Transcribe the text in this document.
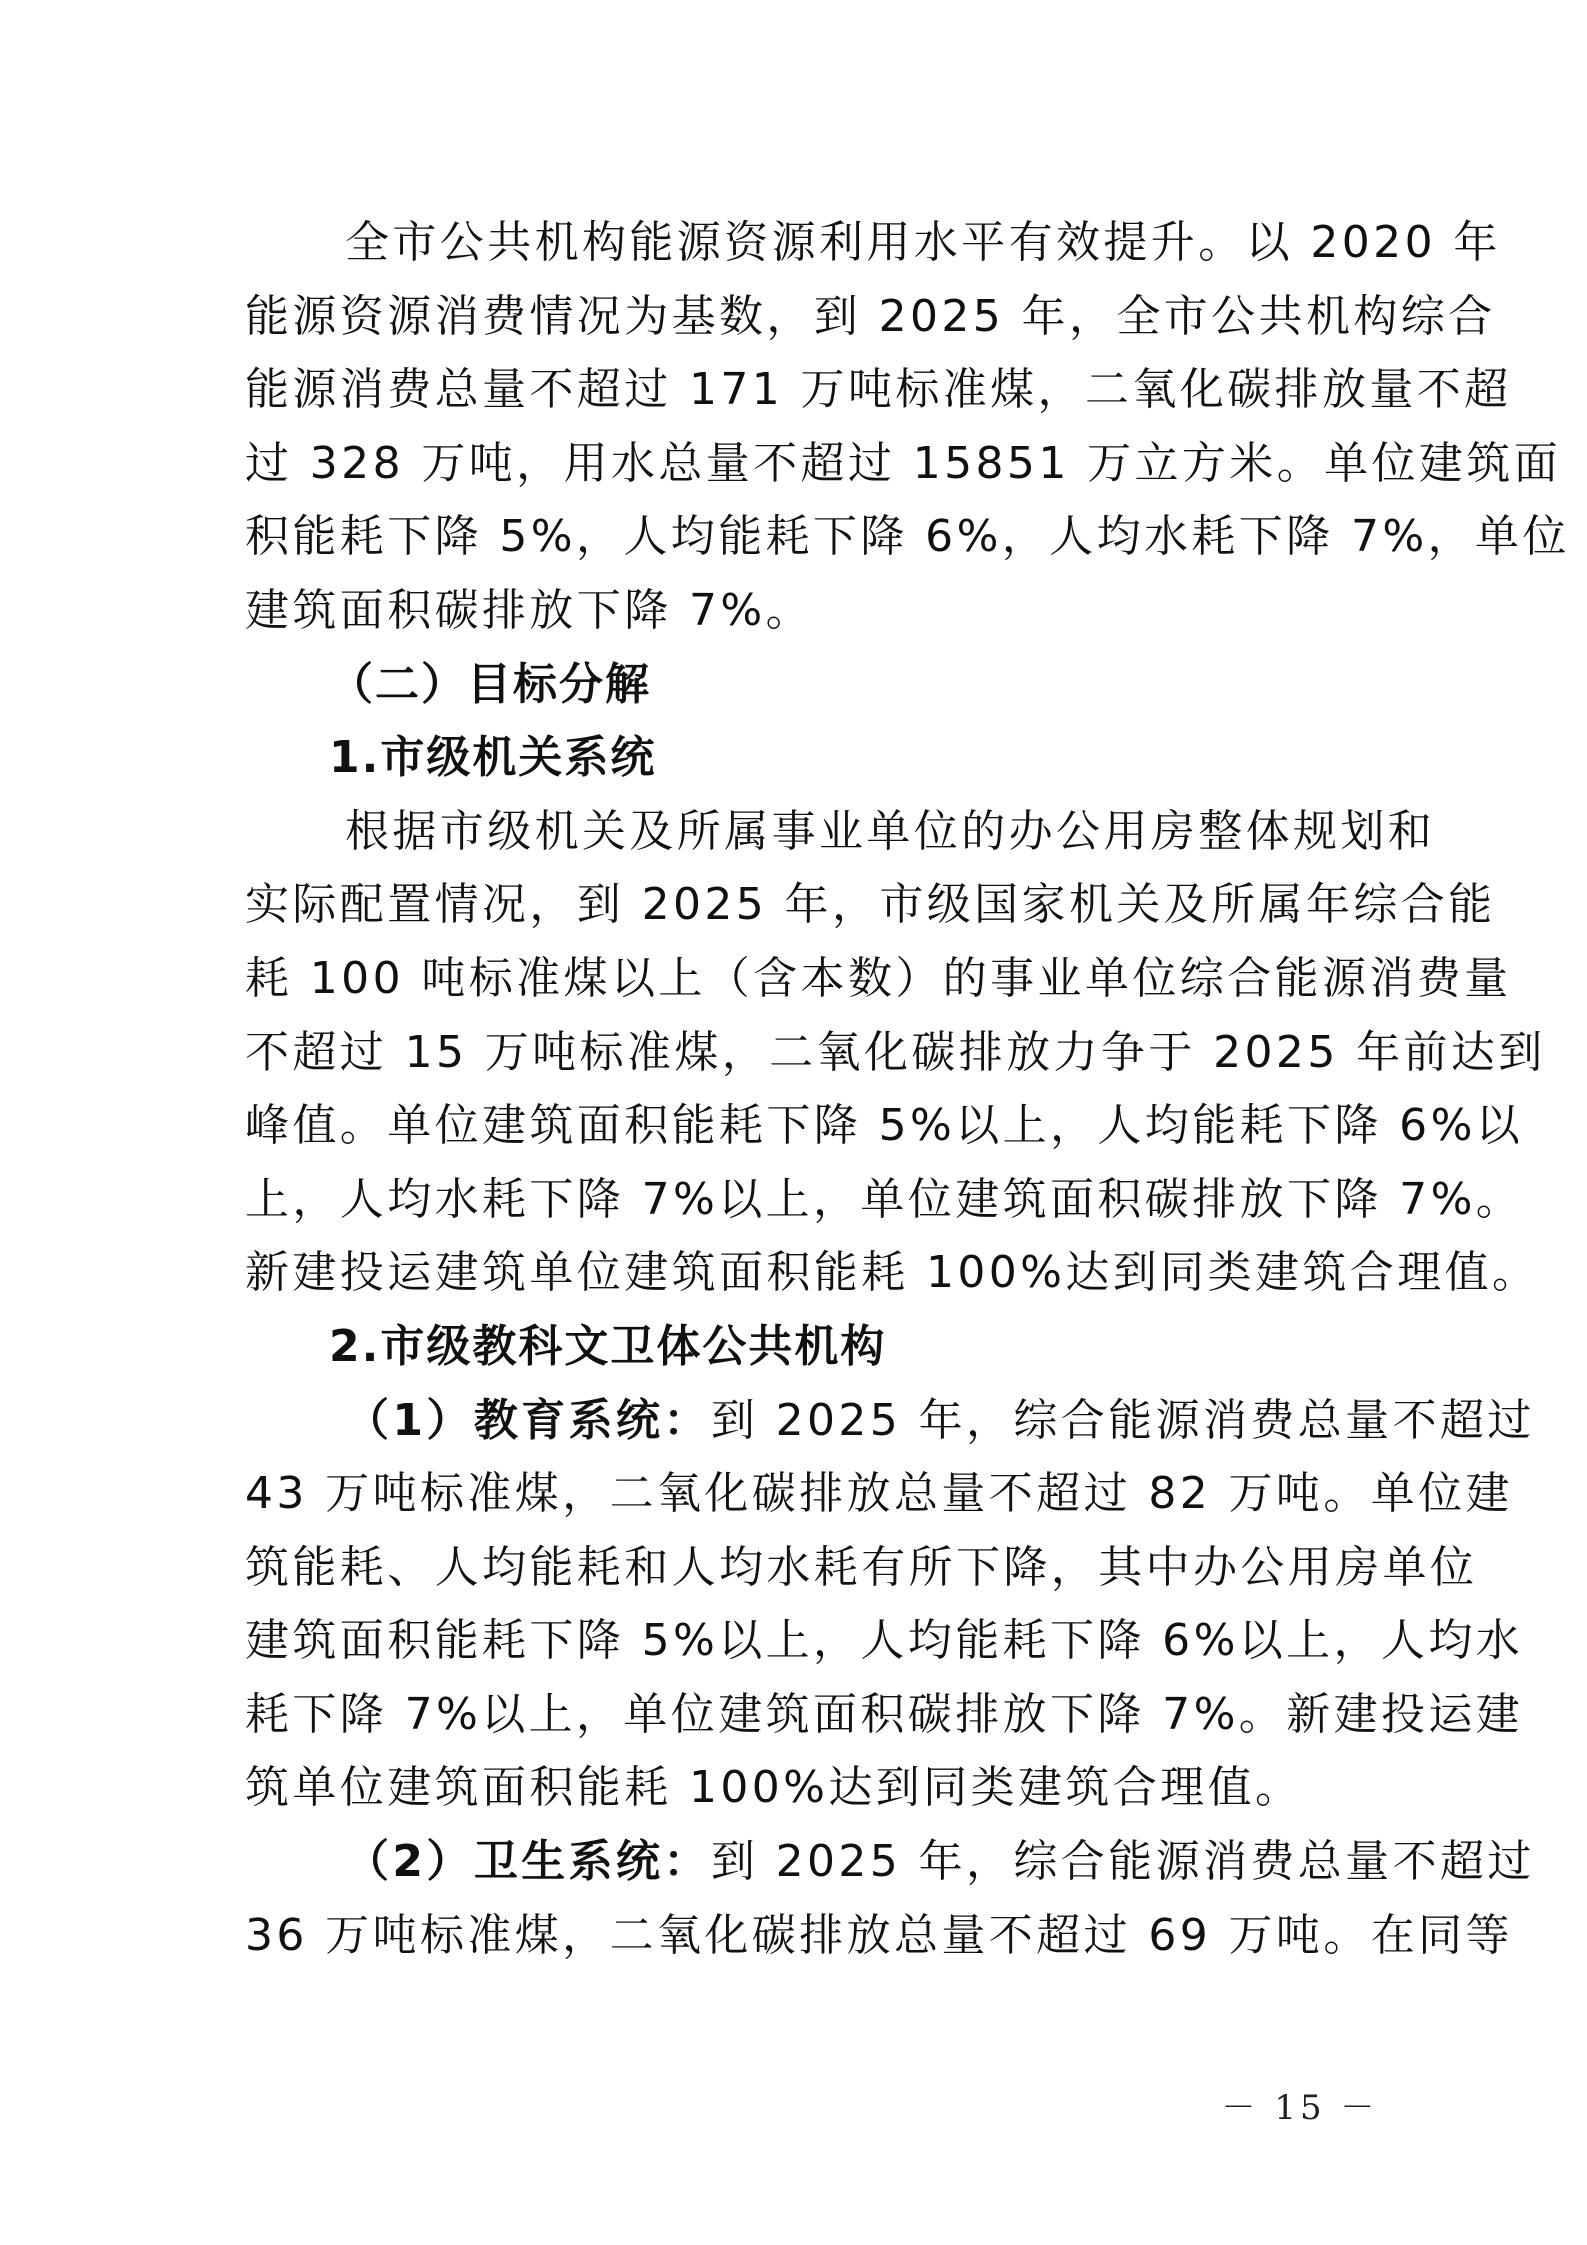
全市公共机构能源资源利用水平有效提升。以 2020 年
能源资源消费情况为基数，到 2025 年，全市公共机构综合
能源消费总量不超过 171 万吨标准煤，二氧化碳排放量不超
过 328 万吨，用水总量不超过 15851 万立方米。单位建筑面
积能耗下降 5%，人均能耗下降 6%，人均水耗下降 7%，单位
建筑面积碳排放下降 7%。
（二）目标分解
1.市级机关系统
根据市级机关及所属事业单位的办公用房整体规划和
实际配置情况，到 2025 年，市级国家机关及所属年综合能
耗 100 吨标准煤以上（含本数）的事业单位综合能源消费量
不超过 15 万吨标准煤，二氧化碳排放力争于 2025 年前达到
峰值。单位建筑面积能耗下降 5%以上，人均能耗下降 6%以
上，人均水耗下降 7%以上，单位建筑面积碳排放下降 7%。
新建投运建筑单位建筑面积能耗 100%达到同类建筑合理值。
2.市级教科文卫体公共机构
（1）教育系统：到 2025 年，综合能源消费总量不超过
43 万吨标准煤，二氧化碳排放总量不超过 82 万吨。单位建
筑能耗、人均能耗和人均水耗有所下降，其中办公用房单位
建筑面积能耗下降 5%以上，人均能耗下降 6%以上，人均水
耗下降 7%以上，单位建筑面积碳排放下降 7%。新建投运建
筑单位建筑面积能耗 100%达到同类建筑合理值。
（2）卫生系统：到 2025 年，综合能源消费总量不超过
36 万吨标准煤，二氧化碳排放总量不超过 69 万吨。在同等
－ 15 －
